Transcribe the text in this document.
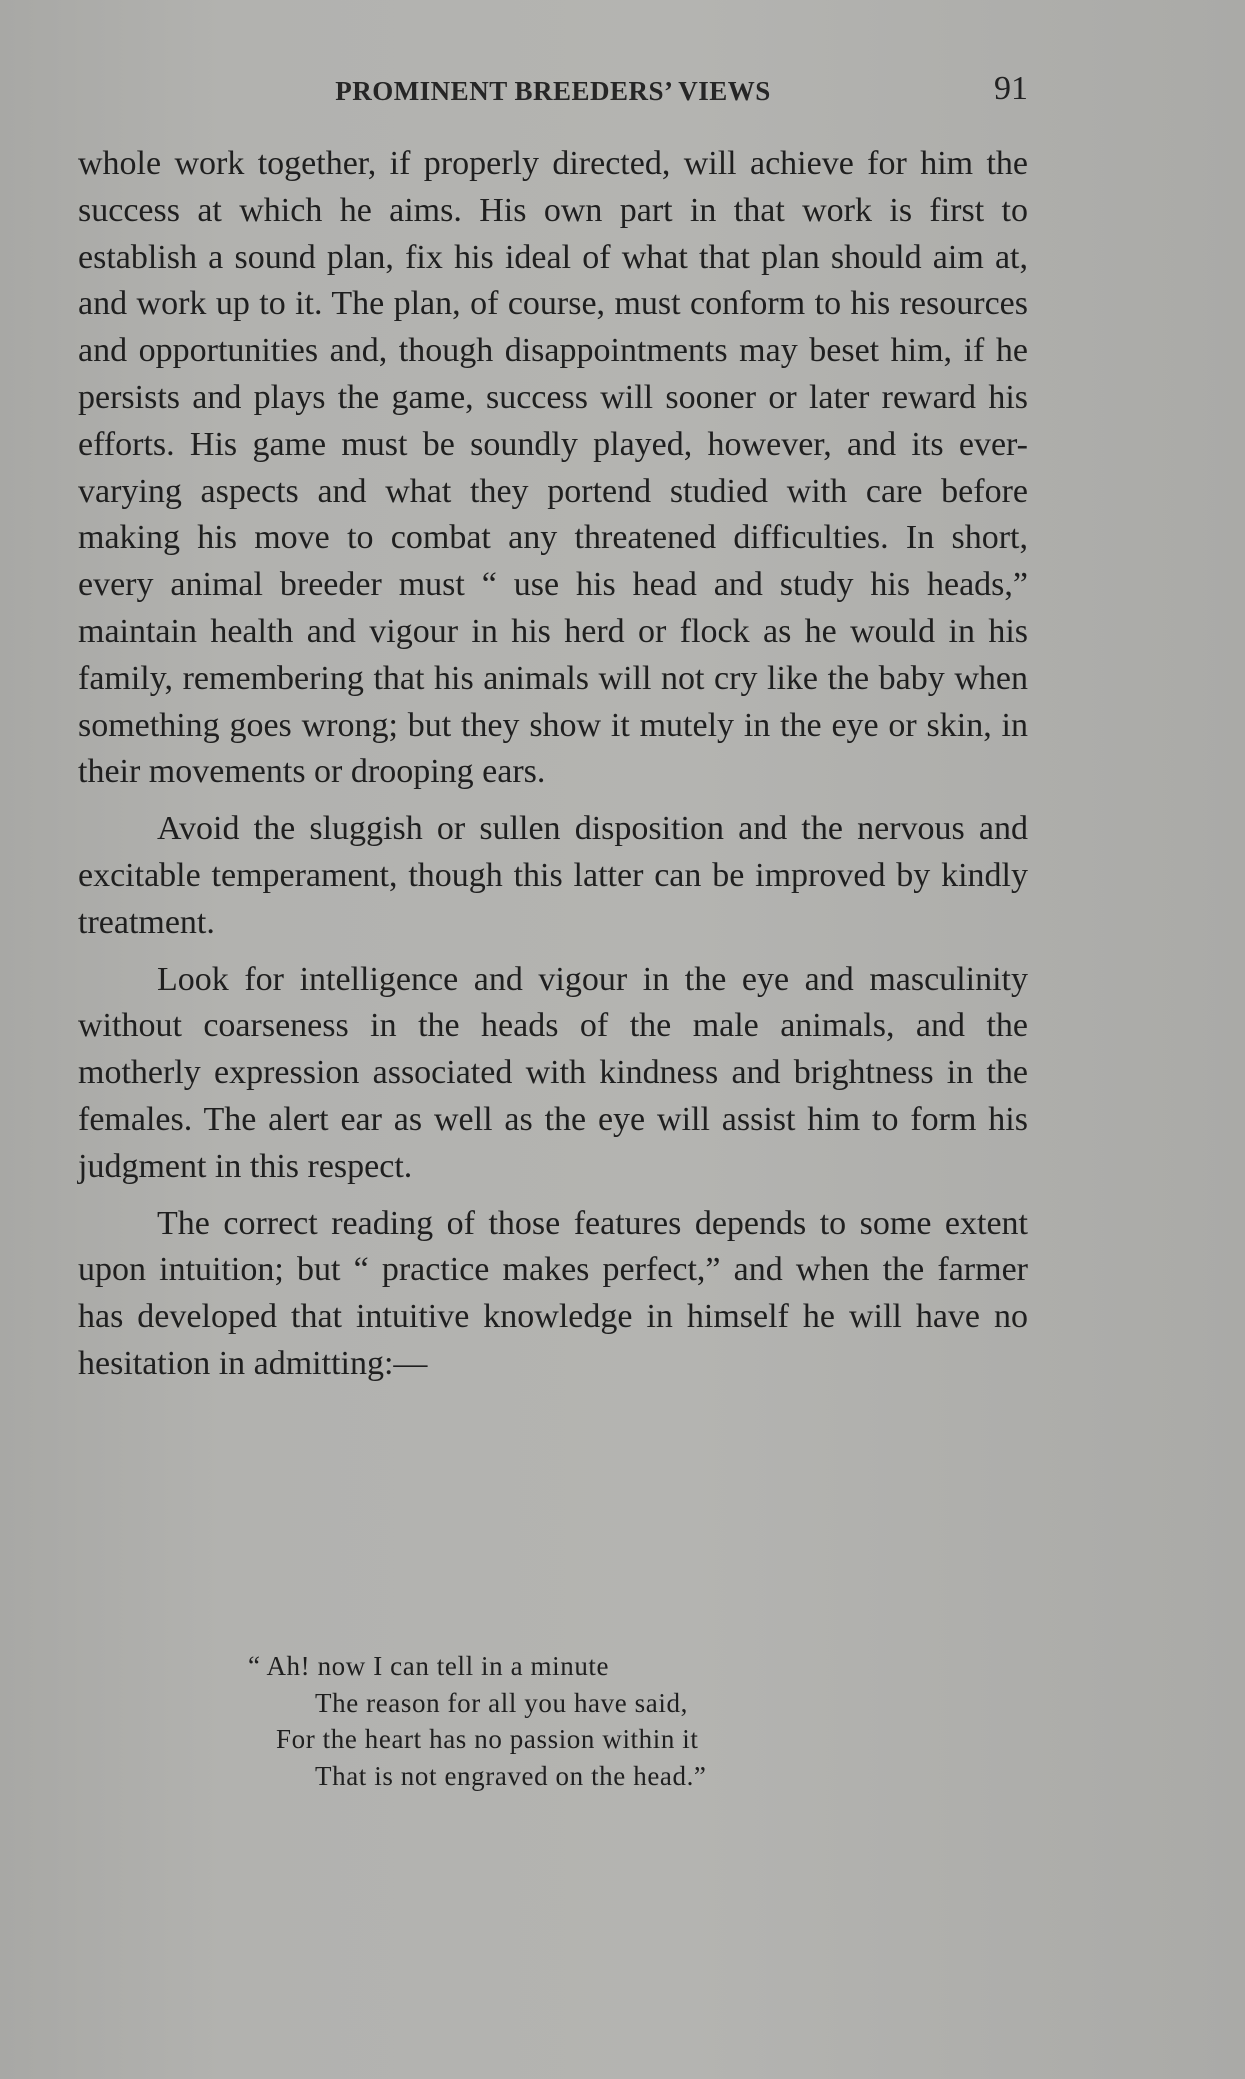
PROMINENT BREEDERS’ VIEWS	91

whole work together, if properly directed, will achieve for him the success at which he aims. His own part in that work is first to establish a sound plan, fix his ideal of what that plan should aim at, and work up to it. The plan, of course, must conform to his resources and opportunities and, though disappointments may beset him, if he persists and plays the game, success will sooner or later reward his efforts. His game must be soundly played, however, and its ever-varying aspects and what they portend studied with care before making his move to combat any threatened difficulties. In short, every animal breeder must “ use his head and study his heads,” maintain health and vigour in his herd or flock as he would in his family, remembering that his animals will not cry like the baby when something goes wrong; but they show it mutely in the eye or skin, in their movements or drooping ears.

Avoid the sluggish or sullen disposition and the nervous and excitable temperament, though this latter can be improved by kindly treatment.

Look for intelligence and vigour in the eye and masculinity without coarseness in the heads of the male animals, and the motherly expression associated with kindness and brightness in the females. The alert ear as well as the eye will assist him to form his judgment in this respect.

The correct reading of those features depends to some extent upon intuition; but “ practice makes perfect,” and when the farmer has developed that intuitive knowledge in himself he will have no hesitation in admitting:—

“ Ah! now I can tell in a minute
The reason for all you have said,
For the heart has no passion within it
That is not engraved on the head.”
